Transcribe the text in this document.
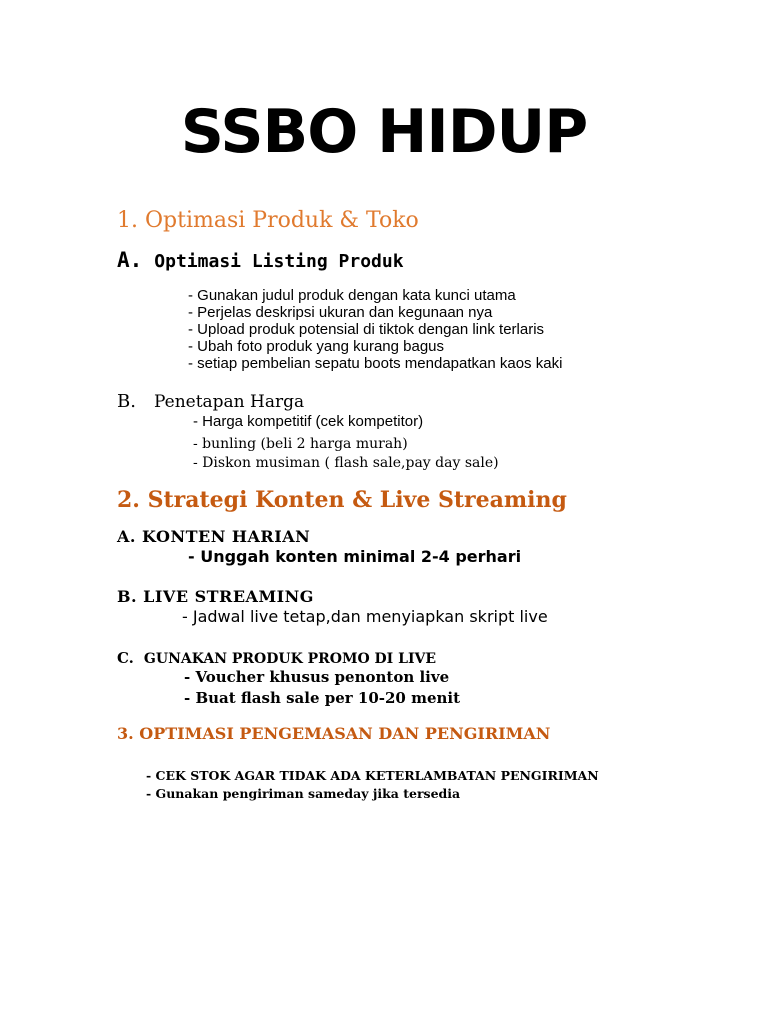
SSBO HIDUP
1. Optimasi Produk & Toko
A. Optimasi Listing Produk
- Gunakan judul produk dengan kata kunci utama
- Perjelas deskripsi ukuran dan kegunaan nya
- Upload produk potensial di tiktok dengan link terlaris
- Ubah foto produk yang kurang bagus
- setiap pembelian sepatu boots mendapatkan kaos kaki
B. Penetapan Harga
- Harga kompetitif (cek kompetitor)
- bunling (beli 2 harga murah)
- Diskon musiman ( flash sale,pay day sale)
2. Strategi Konten & Live Streaming
A. KONTEN HARIAN
- Unggah konten minimal 2-4 perhari
B. LIVE STREAMING
- Jadwal live tetap,dan menyiapkan skript live
C. GUNAKAN PRODUK PROMO DI LIVE
- Voucher khusus penonton live
- Buat flash sale per 10-20 menit
3. OPTIMASI PENGEMASAN DAN PENGIRIMAN
- CEK STOK AGAR TIDAK ADA KETERLAMBATAN PENGIRIMAN
- Gunakan pengiriman sameday jika tersedia
